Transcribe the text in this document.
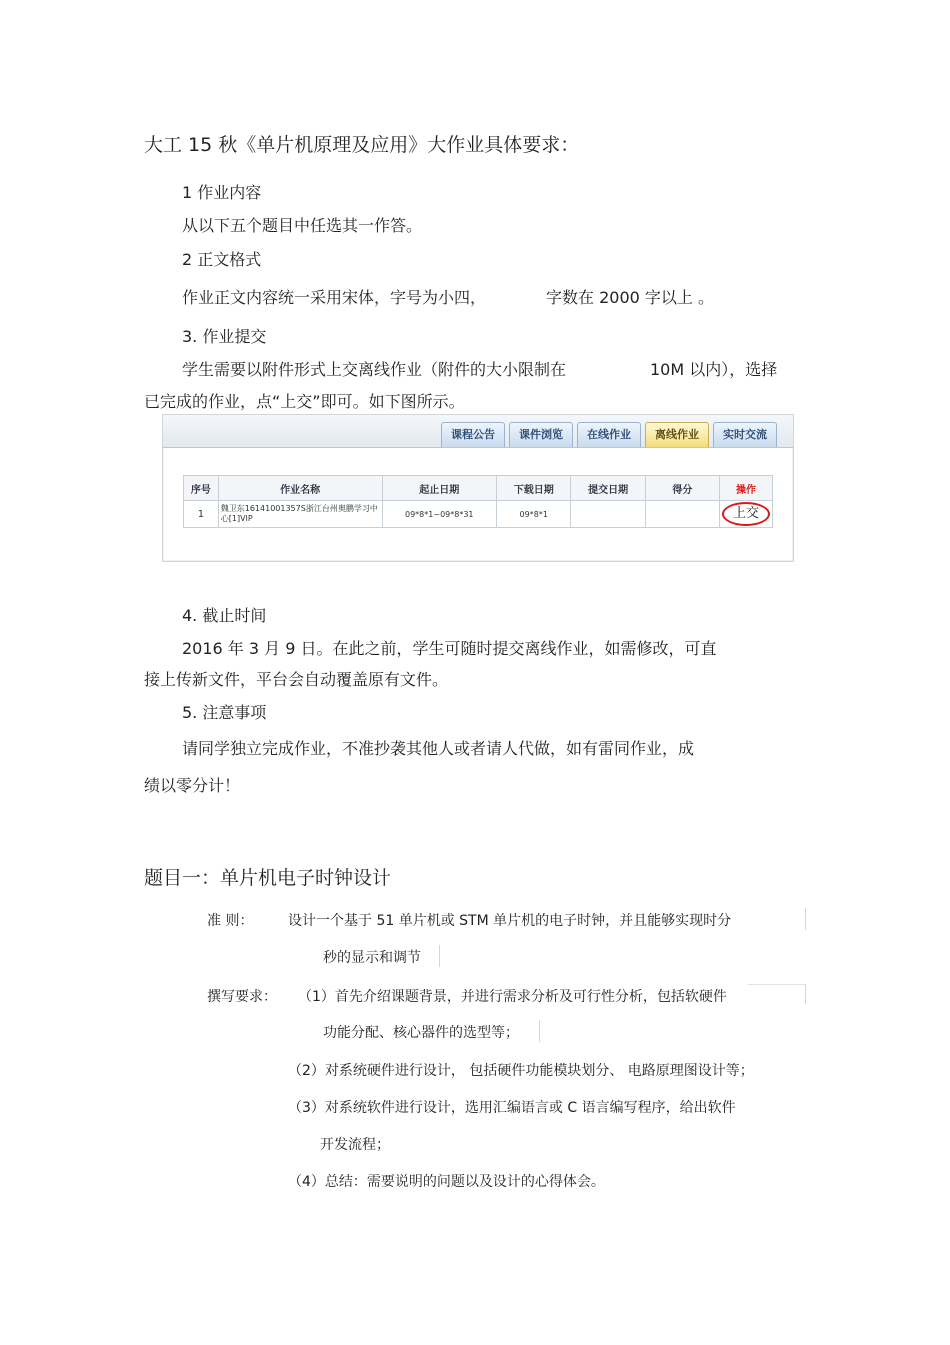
大工 15 秋《单片机原理及应用》大作业具体要求：
1 作业内容
从以下五个题目中任选其一作答。
2 正文格式
作业正文内容统一采用宋体，字号为小四，	字数在 2000 字以上 。
3. 作业提交
学生需要以附件形式上交离线作业（附件的大小限制在	10M 以内），选择
已完成的作业，点“上交”即可。如下图所示。
课程公告	课件浏览	在线作业	离线作业	实时交流
序号	作业名称	起止日期	下载日期	提交日期	得分	操作
1	魏卫东16141001357S浙江台州奥鹏学习中心[1]VIP	09*8*1~09*8*31	09*8*1			上交
4. 截止时间
2016 年 3 月 9 日。在此之前，学生可随时提交离线作业，如需修改，可直
接上传新文件，平台会自动覆盖原有文件。
5. 注意事项
请同学独立完成作业，不准抄袭其他人或者请人代做，如有雷同作业，成
绩以零分计！
题目一：单片机电子时钟设计
准 则： 设计一个基于 51 单片机或 STM 单片机的电子时钟，并且能够实现时分
秒的显示和调节
撰写要求： （1）首先介绍课题背景，并进行需求分析及可行性分析，包括软硬件
功能分配、核心器件的选型等；
（2）对系统硬件进行设计， 包括硬件功能模块划分、 电路原理图设计等；
（3）对系统软件进行设计，选用汇编语言或 C 语言编写程序，给出软件
开发流程；
（4）总结：需要说明的问题以及设计的心得体会。
